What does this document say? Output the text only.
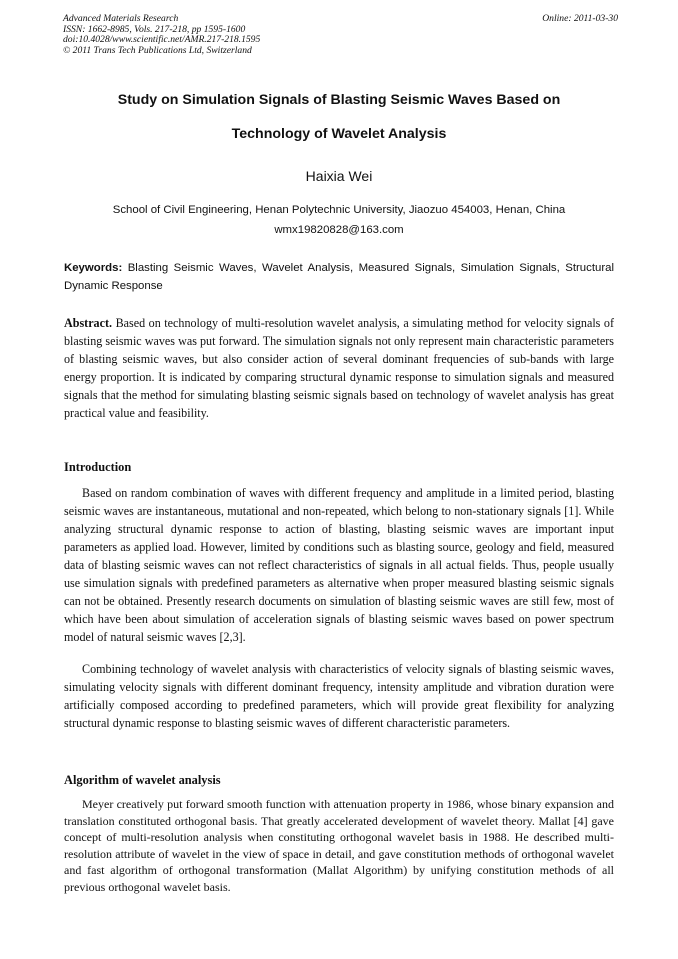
Advanced Materials Research
ISSN: 1662-8985, Vols. 217-218, pp 1595-1600
doi:10.4028/www.scientific.net/AMR.217-218.1595
© 2011 Trans Tech Publications Ltd, Switzerland
Online: 2011-03-30
Study on Simulation Signals of Blasting Seismic Waves Based on
Technology of Wavelet Analysis
Haixia Wei
School of Civil Engineering, Henan Polytechnic University, Jiaozuo 454003, Henan, China
wmx19820828@163.com
Keywords: Blasting Seismic Waves, Wavelet Analysis, Measured Signals, Simulation Signals, Structural Dynamic Response

Abstract. Based on technology of multi-resolution wavelet analysis, a simulating method for velocity signals of blasting seismic waves was put forward. The simulation signals not only represent main characteristic parameters of blasting seismic waves, but also consider action of several dominant frequencies of sub-bands with large energy proportion. It is indicated by comparing structural dynamic response to simulation signals and measured signals that the method for simulating blasting seismic signals based on technology of wavelet analysis has great practical value and feasibility.

Introduction

Based on random combination of waves with different frequency and amplitude in a limited period, blasting seismic waves are instantaneous, mutational and non-repeated, which belong to non-stationary signals [1]. While analyzing structural dynamic response to action of blasting, blasting seismic waves are important input parameters as applied load. However, limited by conditions such as blasting source, geology and field, measured data of blasting seismic waves can not reflect characteristics of signals in all actual fields. Thus, people usually use simulation signals with predefined parameters as alternative when proper measured blasting seismic signals can not be obtained. Presently research documents on simulation of blasting seismic waves are still few, most of which have been about simulation of acceleration signals of blasting seismic waves based on power spectrum model of natural seismic waves [2,3].

Combining technology of wavelet analysis with characteristics of velocity signals of blasting seismic waves, simulating velocity signals with different dominant frequency, intensity amplitude and vibration duration were artificially composed according to predefined parameters, which will provide great flexibility for analyzing structural dynamic response to blasting seismic waves of different characteristic parameters.

Algorithm of wavelet analysis

Meyer creatively put forward smooth function with attenuation property in 1986, whose binary expansion and translation constituted orthogonal basis. That greatly accelerated development of wavelet theory. Mallat [4] gave concept of multi-resolution analysis when constituting orthogonal wavelet basis in 1988. He described multi-resolution attribute of wavelet in the view of space in detail, and gave constitution methods of orthogonal wavelet and fast algorithm of orthogonal transformation (Mallat Algorithm) by unifying constitution methods of all previous orthogonal wavelet basis.
